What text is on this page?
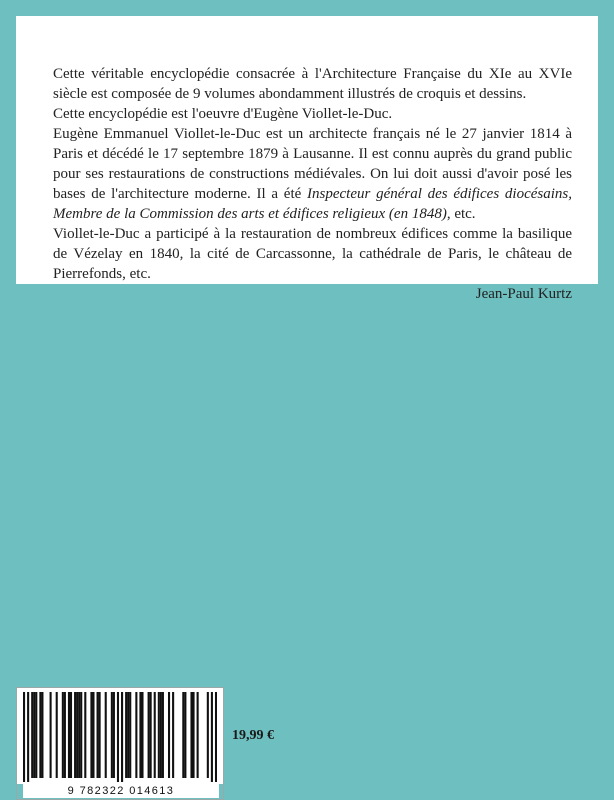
Cette véritable encyclopédie consacrée à l'Architecture Française du XIe au XVIe siècle est composée de 9 volumes abondamment illustrés de croquis et dessins.

Cette encyclopédie est l'oeuvre d'Eugène Viollet-le-Duc.

Eugène Emmanuel Viollet-le-Duc est un architecte français né le 27 janvier 1814 à Paris et décédé le 17 septembre 1879 à Lausanne. Il est connu auprès du grand public pour ses restaurations de constructions médiévales. On lui doit aussi d'avoir posé les bases de l'architecture moderne. Il a été Inspecteur général des édifices diocésains, Membre de la Commission des arts et édifices religieux (en 1848), etc.

Viollet-le-Duc a participé à la restauration de nombreux édifices comme la basilique de Vézelay en 1840, la cité de Carcassonne, la cathédrale de Paris, le château de Pierrefonds, etc.

Jean-Paul Kurtz

9 782322 014613
19,99 €
